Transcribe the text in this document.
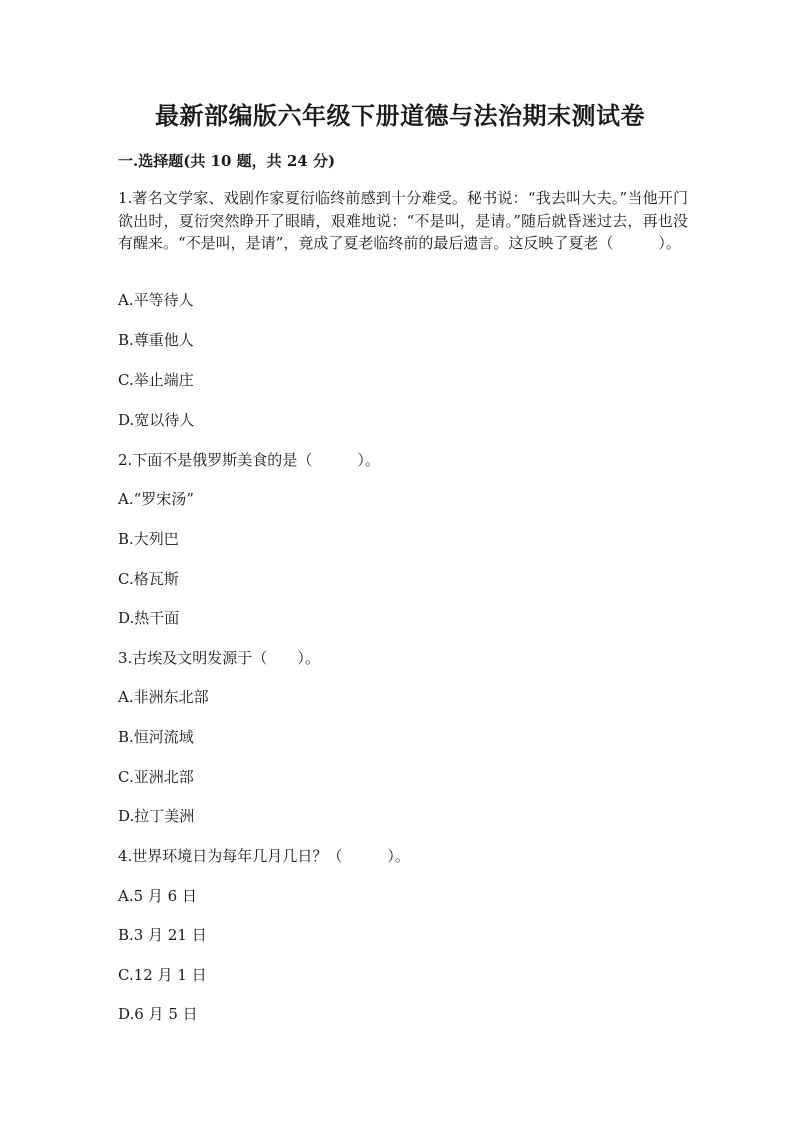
最新部编版六年级下册道德与法治期末测试卷
一.选择题(共 10 题，共 24 分)
1.著名文学家、戏剧作家夏衍临终前感到十分难受。秘书说：“我去叫大夫。”当他开门欲出时，夏衍突然睁开了眼睛，艰难地说：“不是叫，是请。”随后就昏迷过去，再也没有醒来。“不是叫，是请”，竟成了夏老临终前的最后遗言。这反映了夏老（　　　）。
A.平等待人
B.尊重他人
C.举止端庄
D.宽以待人
2.下面不是俄罗斯美食的是（　　　）。
A.“罗宋汤”
B.大列巴
C.格瓦斯
D.热干面
3.古埃及文明发源于（　　）。
A.非洲东北部
B.恒河流域
C.亚洲北部
D.拉丁美洲
4.世界环境日为每年几月几日？（　　　）。
A.5 月 6 日
B.3 月 21 日
C.12 月 1 日
D.6 月 5 日
